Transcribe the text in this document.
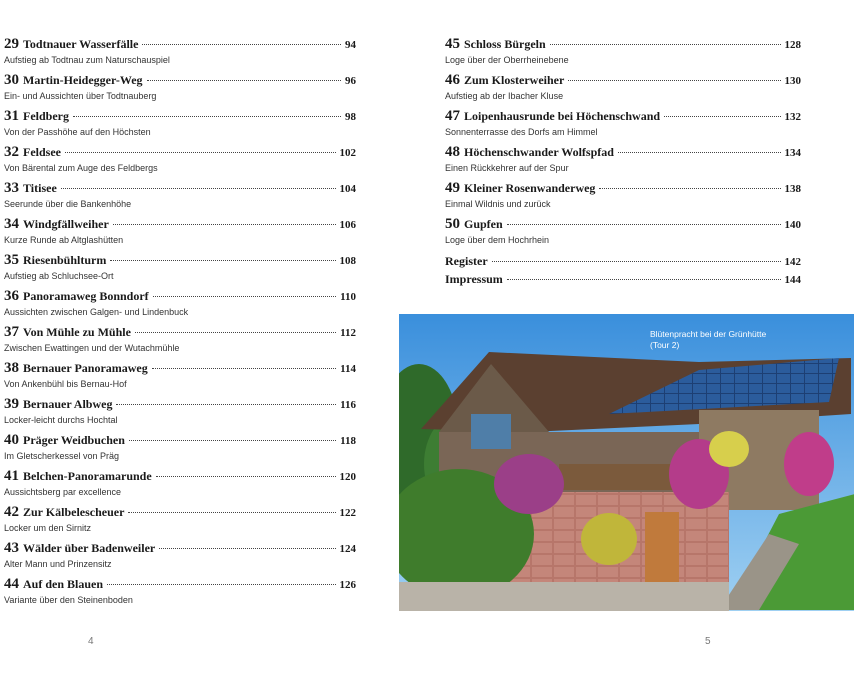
29 Todtnauer Wasserfälle	94
Aufstieg ab Todtnau zum Naturschauspiel
30 Martin-Heidegger-Weg	96
Ein- und Aussichten über Todtnauberg
31 Feldberg	98
Von der Passhöhe auf den Höchsten
32 Feldsee	102
Von Bärental zum Auge des Feldbergs
33 Titisee	104
Seerunde über die Bankenhöhe
34 Windgfällweiher	106
Kurze Runde ab Altglashütten
35 Riesenbühlturm	108
Aufstieg ab Schluchsee-Ort
36 Panoramaweg Bonndorf	110
Aussichten zwischen Galgen- und Lindenbuck
37 Von Mühle zu Mühle	112
Zwischen Ewattingen und der Wutachmühle
38 Bernauer Panoramaweg	114
Von Ankenbühl bis Bernau-Hof
39 Bernauer Albweg	116
Locker-leicht durchs Hochtal
40 Präger Weidbuchen	118
Im Gletscherkessel von Präg
41 Belchen-Panoramarunde	120
Aussichtsberg par excellence
42 Zur Kälbelescheuer	122
Locker um den Sirnitz
43 Wälder über Badenweiler	124
Alter Mann und Prinzensitz
44 Auf den Blauen	126
Variante über den Steinenboden
4
45 Schloss Bürgeln	128
Loge über der Oberrheinebene
46 Zum Klosterweiher	130
Aufstieg ab der Ibacher Kluse
47 Loipenhausrunde bei Höchenschwand	132
Sonnenterrasse des Dorfs am Himmel
48 Höchenschwander Wolfspfad	134
Einen Rückkehrer auf der Spur
49 Kleiner Rosenwanderweg	138
Einmal Wildnis und zurück
50 Gupfen	140
Loge über dem Hochrhein
Register	142
Impressum	144
Blütenpracht bei der Grünhütte
(Tour 2)
5
